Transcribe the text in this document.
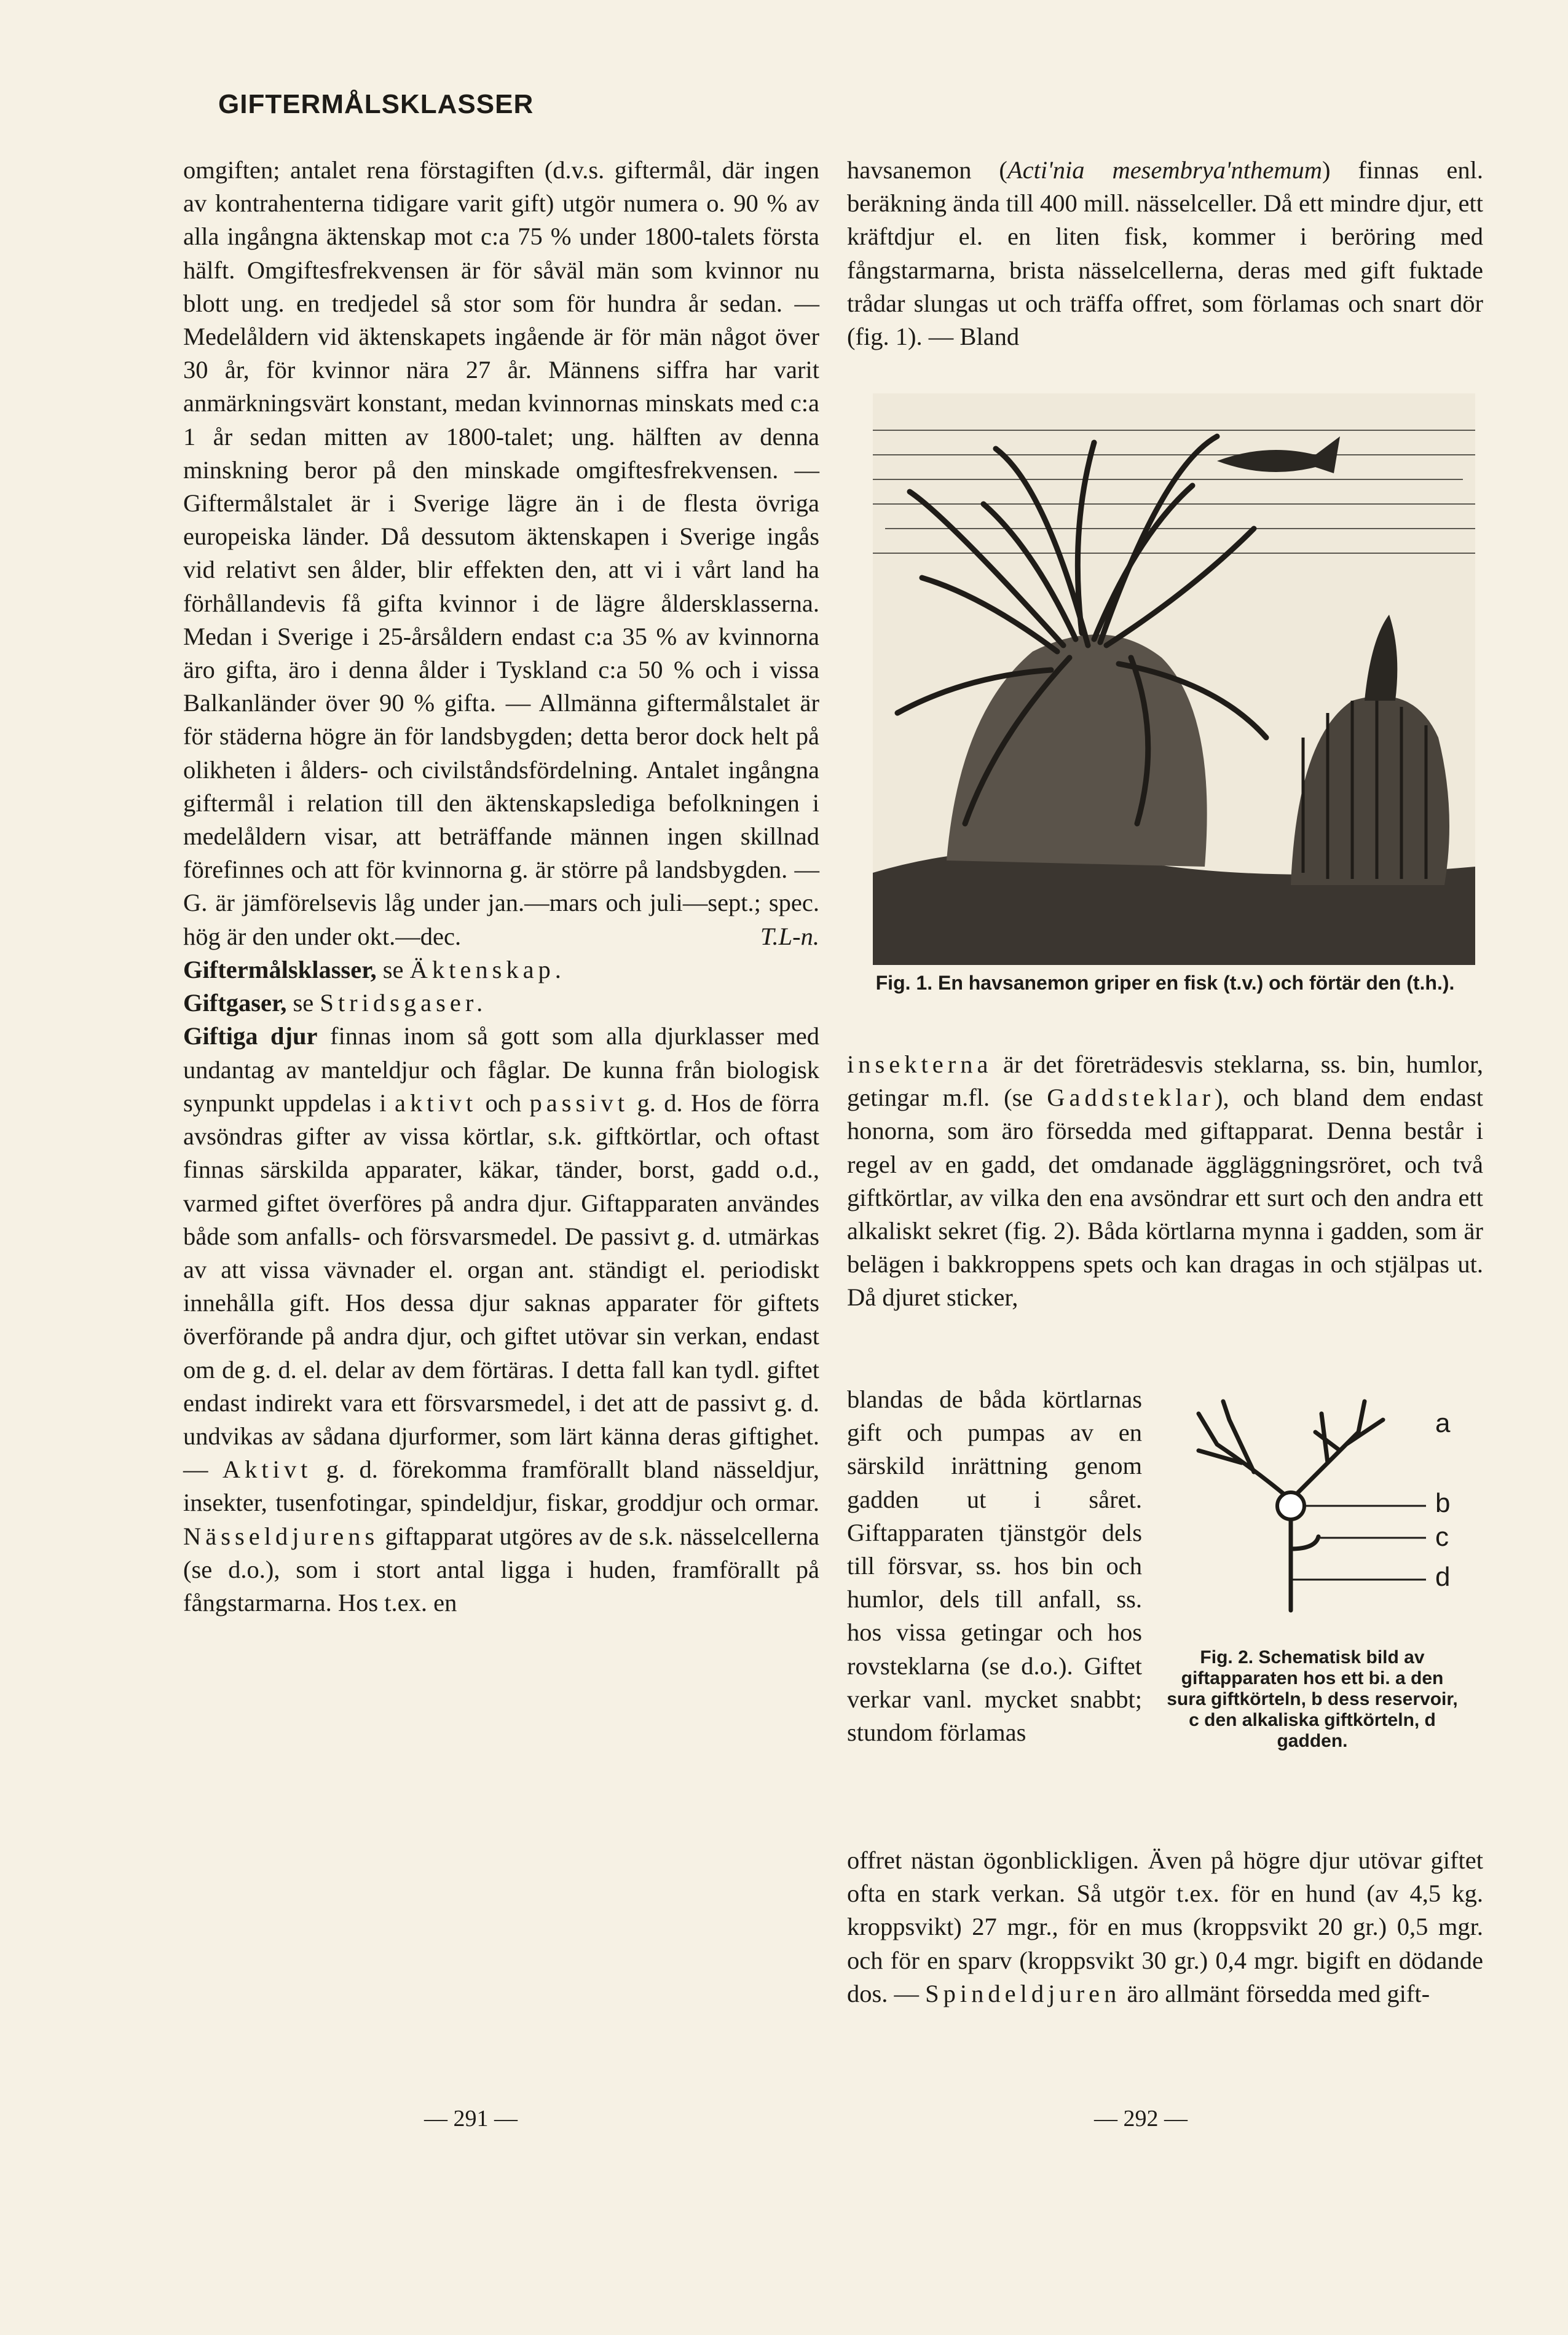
GIFTERMÅLSKLASSER

omgiften; antalet rena förstagiften (d.v.s. giftermål, där ingen av kontrahenterna tidigare varit gift) utgör numera o. 90 % av alla ingångna äktenskap mot c:a 75 % under 1800-talets första hälft. Omgiftesfrekvensen är för såväl män som kvinnor nu blott ung. en tredjedel så stor som för hundra år sedan. — Medelåldern vid äktenskapets ingående är för män något över 30 år, för kvinnor nära 27 år. Männens siffra har varit anmärkningsvärt konstant, medan kvinnornas minskats med c:a 1 år sedan mitten av 1800-talet; ung. hälften av denna minskning beror på den minskade omgiftesfrekvensen. — Giftermålstalet är i Sverige lägre än i de flesta övriga europeiska länder. Då dessutom äktenskapen i Sverige ingås vid relativt sen ålder, blir effekten den, att vi i vårt land ha förhållandevis få gifta kvinnor i de lägre åldersklasserna. Medan i Sverige i 25-årsåldern endast c:a 35 % av kvinnorna äro gifta, äro i denna ålder i Tyskland c:a 50 % och i vissa Balkanländer över 90 % gifta. — Allmänna giftermålstalet är för städerna högre än för landsbygden; detta beror dock helt på olikheten i ålders- och civilståndsfördelning. Antalet ingångna giftermål i relation till den äktenskapslediga befolkningen i medelåldern visar, att beträffande männen ingen skillnad förefinnes och att för kvinnorna g. är större på landsbygden. — G. är jämförelsevis låg under jan.—mars och juli—sept.; spec. hög är den under okt.—dec.	T.L-n.

Giftermålsklasser, se Äktenskap.

Giftgaser, se Stridsgaser.

Giftiga djur finnas inom så gott som alla djurklasser med undantag av manteldjur och fåglar. De kunna från biologisk synpunkt uppdelas i aktivt och passivt g. d. Hos de förra avsöndras gifter av vissa körtlar, s.k. giftkörtlar, och oftast finnas särskilda apparater, käkar, tänder, borst, gadd o.d., varmed giftet överföres på andra djur. Giftapparaten användes både som anfalls- och försvarsmedel. De passivt g. d. utmärkas av att vissa vävnader el. organ ant. ständigt el. periodiskt innehålla gift. Hos dessa djur saknas apparater för giftets överförande på andra djur, och giftet utövar sin verkan, endast om de g. d. el. delar av dem förtäras. I detta fall kan tydl. giftet endast indirekt vara ett försvarsmedel, i det att de passivt g. d. undvikas av sådana djurformer, som lärt känna deras giftighet. — Aktivt g. d. förekomma framförallt bland nässeldjur, insekter, tusenfotingar, spindeldjur, fiskar, groddjur och ormar. Nässeldjurens giftapparat utgöres av de s.k. nässelcellerna (se d.o.), som i stort antal ligga i huden, framförallt på fångstarmarna. Hos t.ex. en

havsanemon (Acti'nia mesembrya'nthemum) finnas enl. beräkning ända till 400 mill. nässelceller. Då ett mindre djur, ett kräftdjur el. en liten fisk, kommer i beröring med fångstarmarna, brista nässelcellerna, deras med gift fuktade trådar slungas ut och träffa offret, som förlamas och snart dör (fig. 1). — Bland

Fig. 1. En havsanemon griper en fisk (t.v.) och förtär den (t.h.).
insekterna är det företrädesvis steklarna, ss. bin, humlor, getingar m.fl. (se Gaddsteklar), och bland dem endast honorna, som äro försedda med giftapparat. Denna består i regel av en gadd, det omdanade äggläggningsröret, och två giftkörtlar, av vilka den ena avsöndrar ett surt och den andra ett alkaliskt sekret (fig. 2). Båda körtlarna mynna i gadden, som är belägen i bakkroppens spets och kan dragas in och stjälpas ut. Då djuret sticker,
blandas de båda körtlarnas gift och pumpas av en särskild inrättning genom gadden ut i såret. Giftapparaten tjänstgör dels till försvar, ss. hos bin och humlor, dels till anfall, ss. hos vissa getingar och hos rovsteklarna (se d.o.). Giftet verkar vanl. mycket snabbt; stundom förlamas
a
b
c
d
Fig. 2. Schematisk bild av giftapparaten hos ett bi. a den sura giftkörteln, b dess reservoir, c den alkaliska giftkörteln, d gadden.
offret nästan ögonblickligen. Även på högre djur utövar giftet ofta en stark verkan. Så utgör t.ex. för en hund (av 4,5 kg. kroppsvikt) 27 mgr., för en mus (kroppsvikt 20 gr.) 0,5 mgr. och för en sparv (kroppsvikt 30 gr.) 0,4 mgr. bigift en dödande dos. — Spindeldjuren äro allmänt försedda med gift-
— 291 —	— 292 —
